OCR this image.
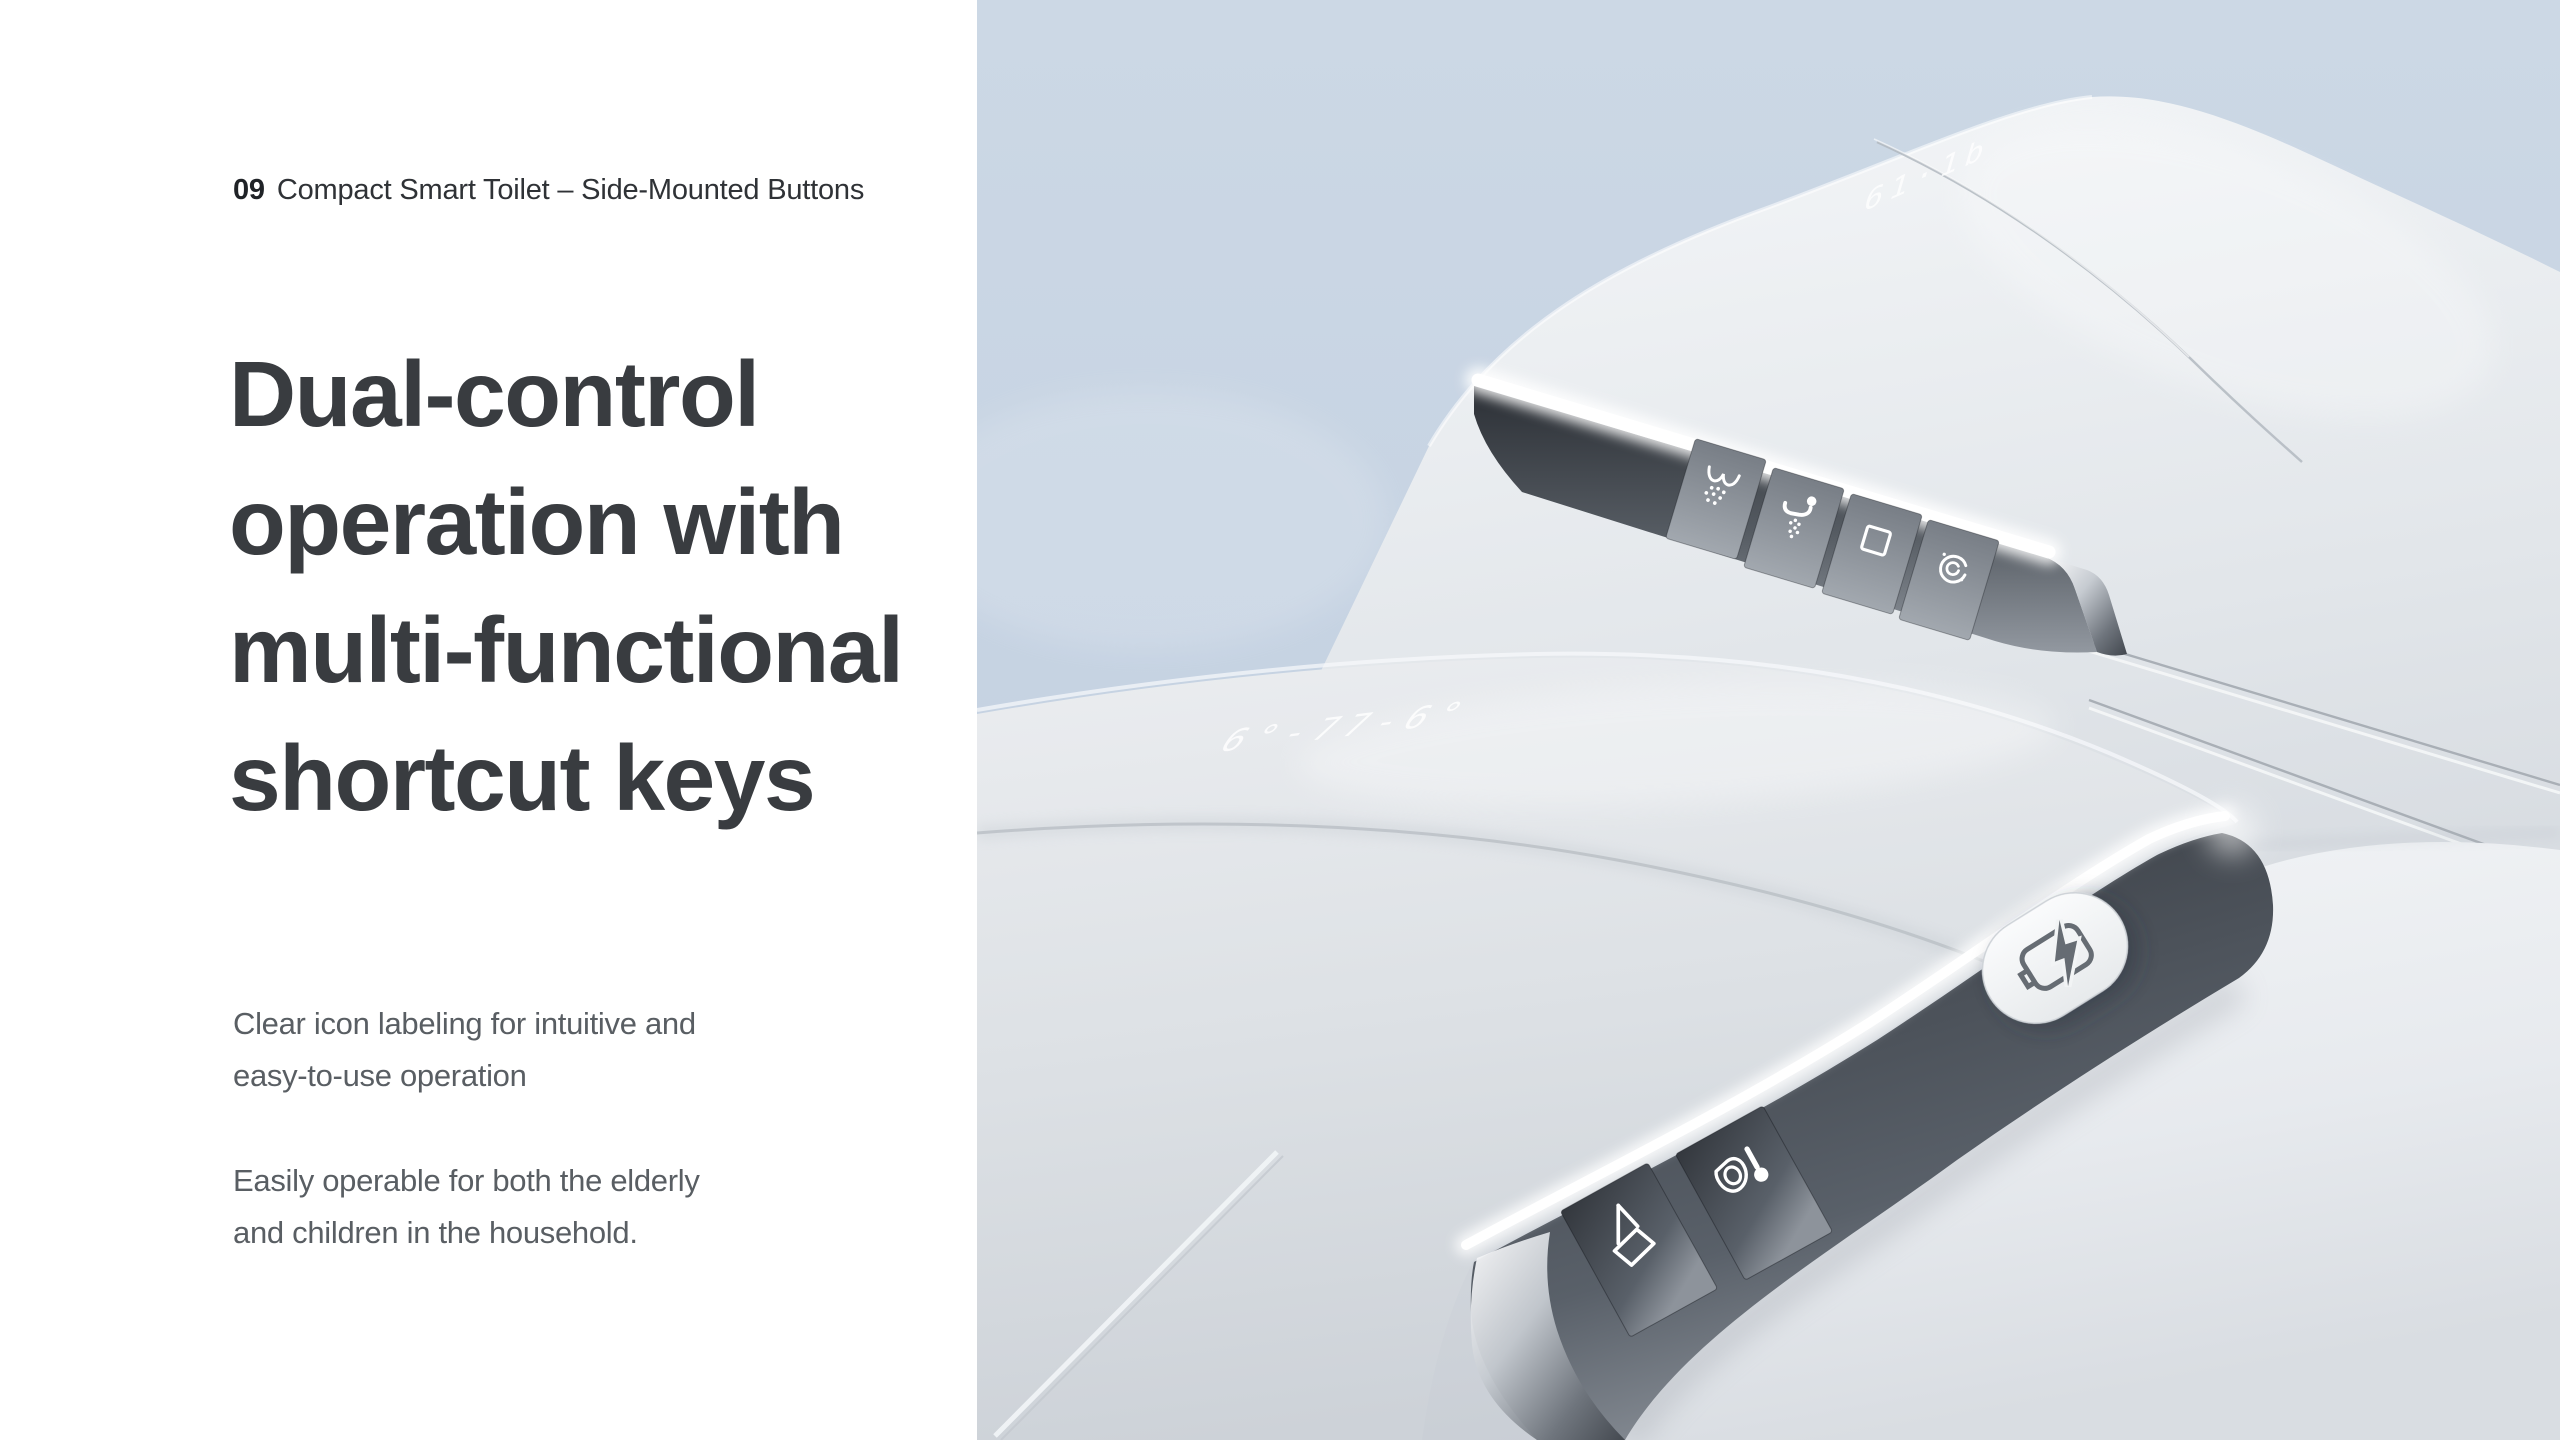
09 Compact Smart Toilet – Side-Mounted Buttons
Dual-control
operation with
multi-functional
shortcut keys

Clear icon labeling for intuitive and
easy-to-use operation

Easily operable for both the elderly
and children in the household.

61·1b
6°-77-6°
